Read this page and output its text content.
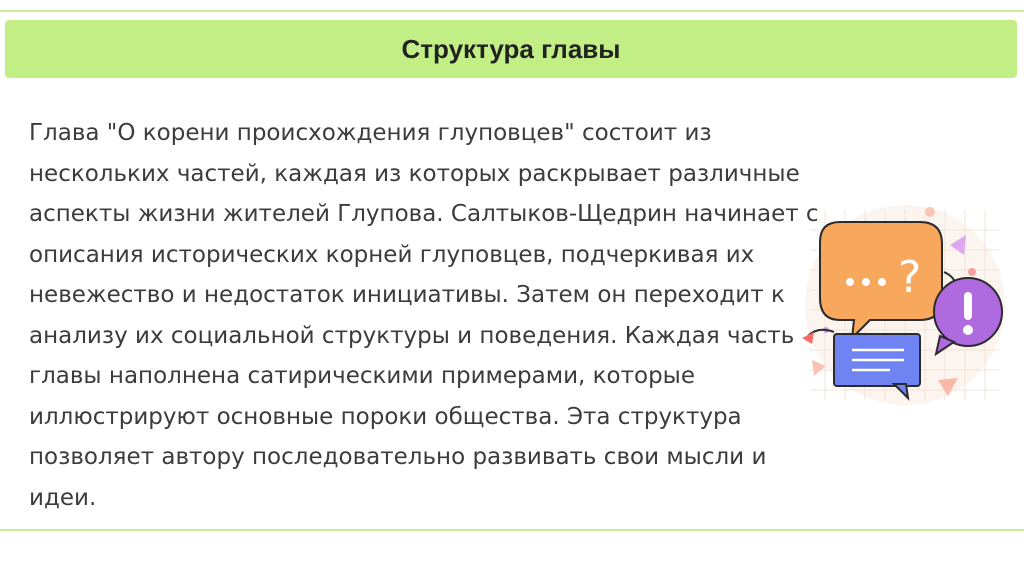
Структура главы

Глава "О корени происхождения глуповцев" состоит из нескольких частей, каждая из которых раскрывает различные аспекты жизни жителей Глупова. Салтыков-Щедрин начинает с описания исторических корней глуповцев, подчеркивая их невежество и недостаток инициативы. Затем он переходит к анализу их социальной структуры и поведения. Каждая часть главы наполнена сатирическими примерами, которые иллюстрируют основные пороки общества. Эта структура позволяет автору последовательно развивать свои мысли и идеи.

?
